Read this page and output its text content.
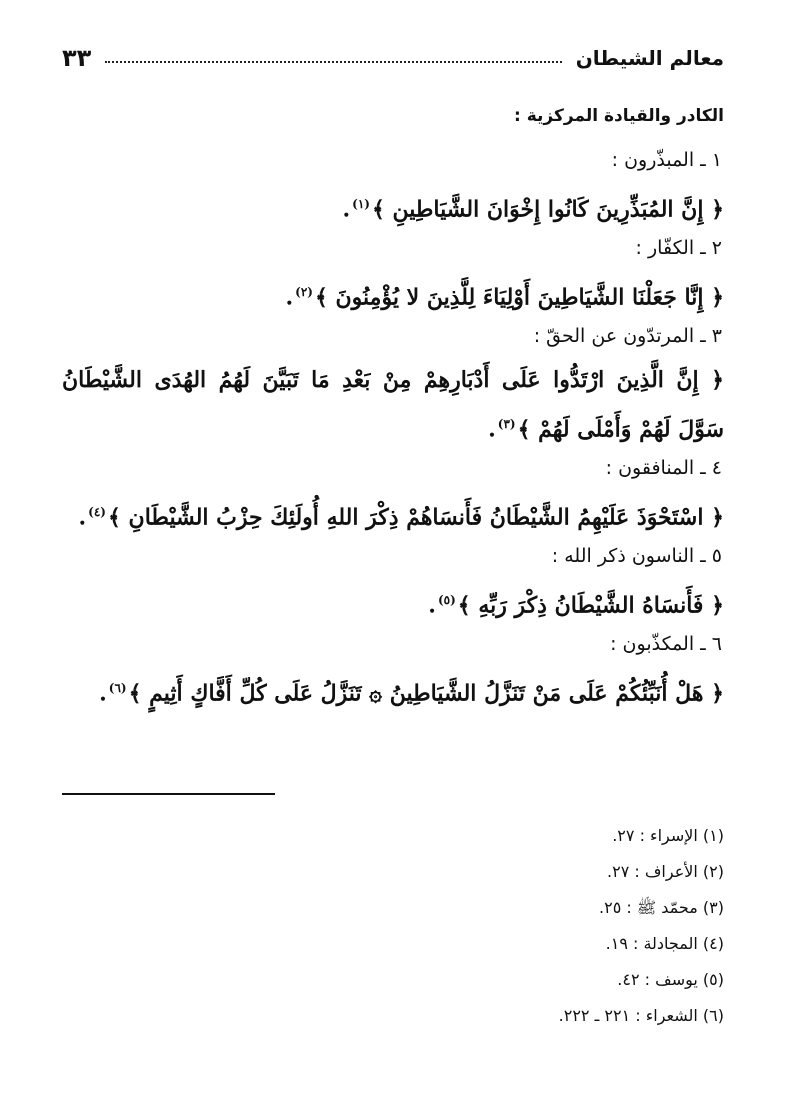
معالم الشيطان
٣٣
الكادر والقيادة المركزية :
١ ـ المبذّرون :
﴿ إِنَّ المُبَذِّرِينَ كَانُوا إِخْوَانَ الشَّيَاطِينِ ﴾$^{(١)}$.
٢ ـ الكفّار :
﴿ إِنَّا جَعَلْنَا الشَّيَاطِينَ أَوْلِيَاءَ لِلَّذِينَ لا يُؤْمِنُونَ ﴾$^{(٢)}$.
٣ ـ المرتدّون عن الحقّ :
﴿ إِنَّ الَّذِينَ ارْتَدُّوا عَلَى أَدْبَارِهِمْ مِنْ بَعْدِ مَا تَبَيَّنَ لَهُمُ الهُدَى الشَّيْطَانُ
سَوَّلَ لَهُمْ وَأَمْلَى لَهُمْ ﴾$^{(٣)}$.
٤ ـ المنافقون :
﴿ اسْتَحْوَذَ عَلَيْهِمُ الشَّيْطَانُ فَأَنسَاهُمْ ذِكْرَ اللهِ أُولَئِكَ حِزْبُ الشَّيْطَانِ ﴾$^{(٤)}$.
٥ ـ الناسون ذكر الله :
﴿ فَأَنسَاهُ الشَّيْطَانُ ذِكْرَ رَبِّهِ ﴾$^{(٥)}$.
٦ ـ المكذّبون :
﴿ هَلْ أُنَبِّئُكُمْ عَلَى مَنْ تَنَزَّلُ الشَّيَاطِينُ ۞ تَنَزَّلُ عَلَى كُلِّ أَفَّاكٍ أَثِيمٍ ﴾$^{(٦)}$.
(١) الإسراء : ٢٧.
(٢) الأعراف : ٢٧.
(٣) محمّد ﷺ : ٢٥.
(٤) المجادلة : ١٩.
(٥) يوسف : ٤٢.
(٦) الشعراء : ٢٢١ ـ ٢٢٢.
